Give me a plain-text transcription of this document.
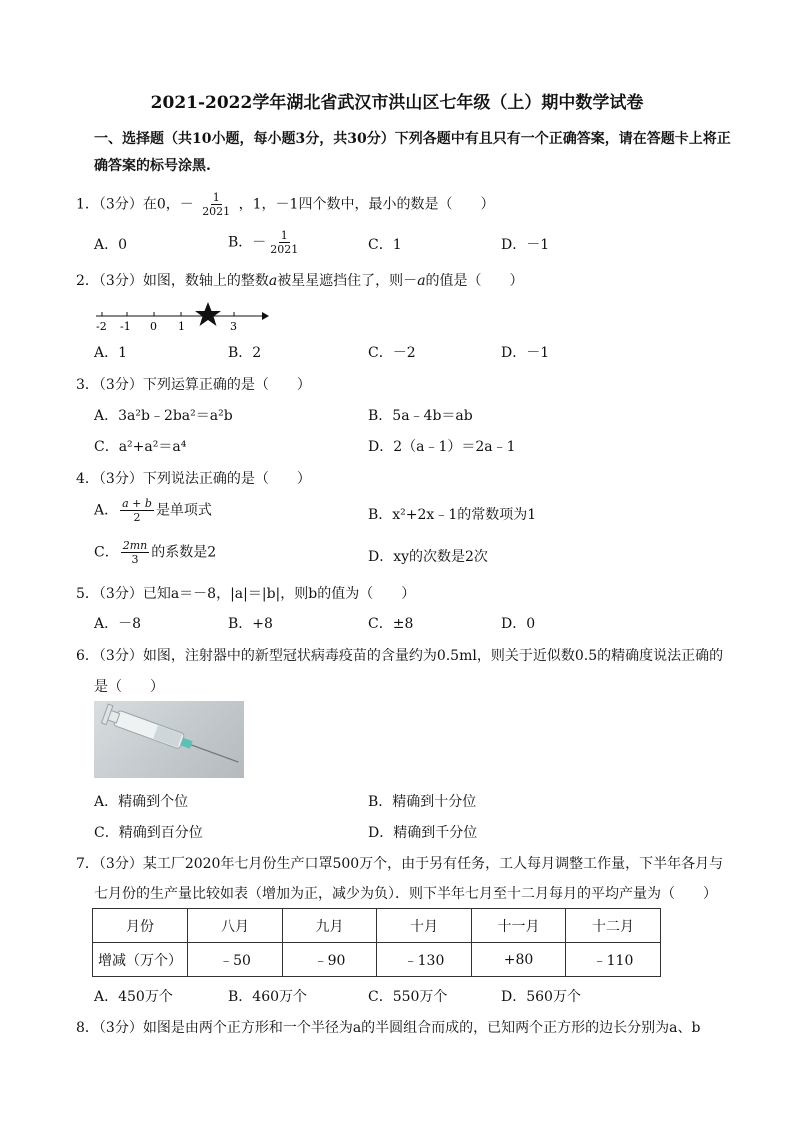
2021-2022学年湖北省武汉市洪山区七年级（上）期中数学试卷
一、选择题（共10小题，每小题3分，共30分）下列各题中有且只有一个正确答案，请在答题卡上将正
确答案的标号涂黑.
1．（3分）在0，－ $\frac{1}{2021}$ ，1，－1四个数中，最小的数是（　　）
A．0	B．－ $\frac{1}{2021}$	C．1	D．－1
2．（3分）如图，数轴上的整数a被星星遮挡住了，则－a的值是（　　）
-2 -1 0 1	3
A．1	B．2	C．－2	D．－1
3．（3分）下列运算正确的是（　　）
A．3a²b﹣2ba²＝a²b	B．5a﹣4b＝ab
C．a²+a²＝a⁴	D．2（a﹣1）＝2a﹣1
4．（3分）下列说法正确的是（　　）
A． $\frac{a + b}{2}$ 是单项式	B．x²+2x﹣1的常数项为1
C． $\frac{2mn}{3}$ 的系数是2	D．xy的次数是2次
5．（3分）已知a＝－8，|a|＝|b|，则b的值为（　　）
A．－8	B．+8	C．±8	D．0
6．（3分）如图，注射器中的新型冠状病毒疫苗的含量约为0.5ml，则关于近似数0.5的精确度说法正确的
是（　　）
A．精确到个位	B．精确到十分位
C．精确到百分位	D．精确到千分位
7．（3分）某工厂2020年七月份生产口罩500万个，由于另有任务，工人每月调整工作量，下半年各月与
七月份的生产量比较如表（增加为正，减少为负）．则下半年七月至十二月每月的平均产量为（　　）
月份	八月	九月	十月	十一月	十二月
增减（万个）	﹣50	﹣90	﹣130	+80	﹣110
A．450万个	B．460万个	C．550万个	D．560万个
8．（3分）如图是由两个正方形和一个半径为a的半圆组合而成的，已知两个正方形的边长分别为a、b
